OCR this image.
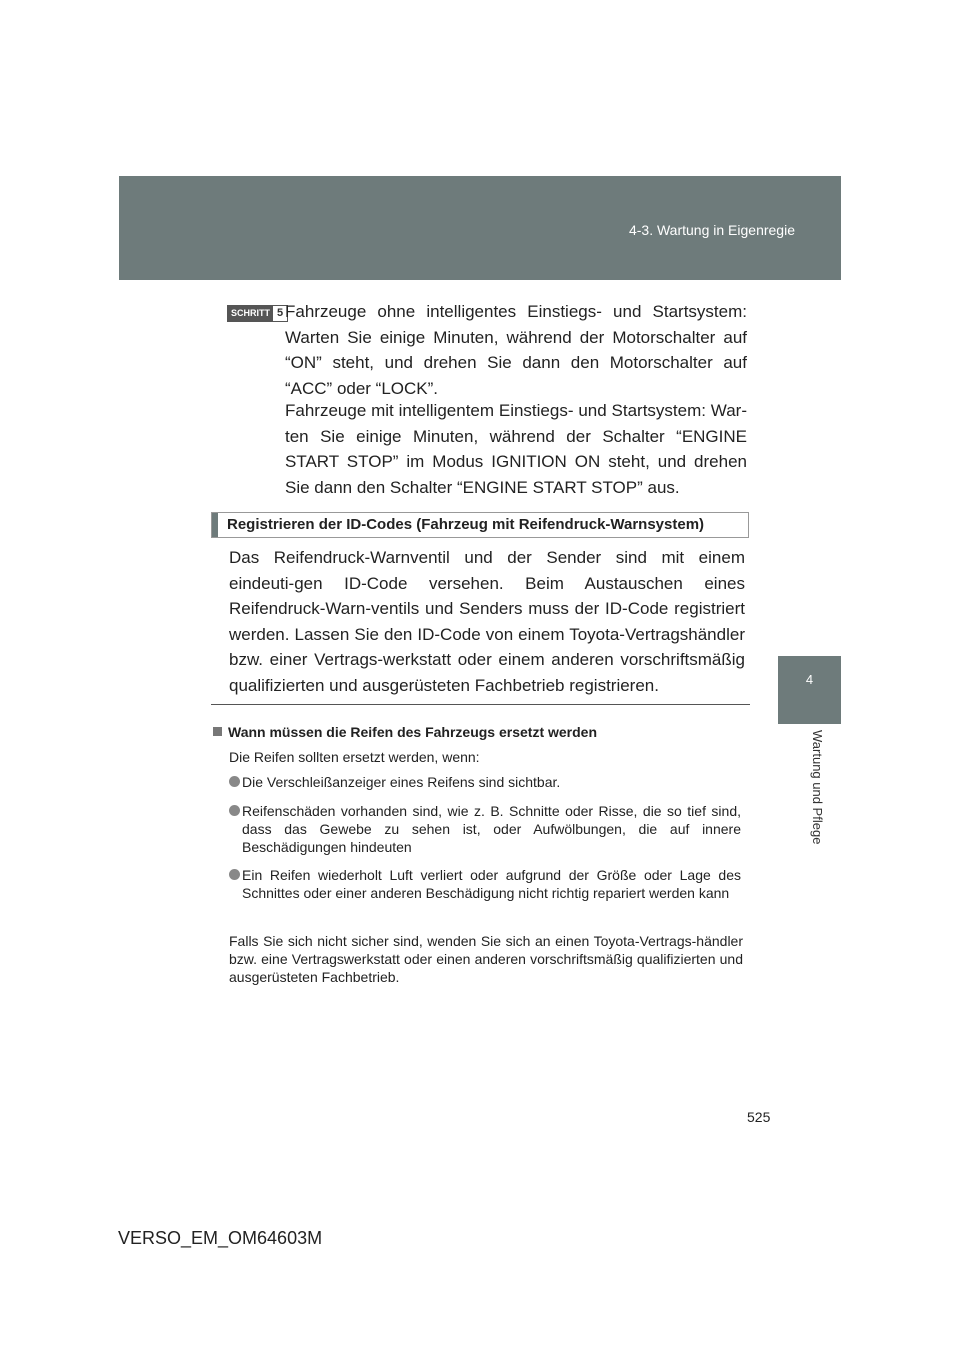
4-3. Wartung in Eigenregie
4
Wartung und Pflege
SCHRITT 5 Fahrzeuge ohne intelligentes Einstiegs- und Startsystem: Warten Sie einige Minuten, während der Motorschalter auf “ON” steht, und drehen Sie dann den Motorschalter auf “ACC” oder “LOCK”.

Fahrzeuge mit intelligentem Einstiegs- und Startsystem: War-ten Sie einige Minuten, während der Schalter “ENGINE START STOP” im Modus IGNITION ON steht, und drehen Sie dann den Schalter “ENGINE START STOP” aus.

Registrieren der ID-Codes (Fahrzeug mit Reifendruck-Warnsystem)

Das Reifendruck-Warnventil und der Sender sind mit einem eindeuti-gen ID-Code versehen. Beim Austauschen eines Reifendruck-Warn-ventils und Senders muss der ID-Code registriert werden. Lassen Sie den ID-Code von einem Toyota-Vertragshändler bzw. einer Vertrags-werkstatt oder einem anderen vorschriftsmäßig qualifizierten und ausgerüsteten Fachbetrieb registrieren.

Wann müssen die Reifen des Fahrzeugs ersetzt werden
Die Reifen sollten ersetzt werden, wenn:
Die Verschleißanzeiger eines Reifens sind sichtbar.
Reifenschäden vorhanden sind, wie z. B. Schnitte oder Risse, die so tief sind, dass das Gewebe zu sehen ist, oder Aufwölbungen, die auf innere Beschädigungen hindeuten
Ein Reifen wiederholt Luft verliert oder aufgrund der Größe oder Lage des Schnittes oder einer anderen Beschädigung nicht richtig repariert werden kann
Falls Sie sich nicht sicher sind, wenden Sie sich an einen Toyota-Vertrags-händler bzw. eine Vertragswerkstatt oder einen anderen vorschriftsmäßig qualifizierten und ausgerüsteten Fachbetrieb.
525
VERSO_EM_OM64603M
